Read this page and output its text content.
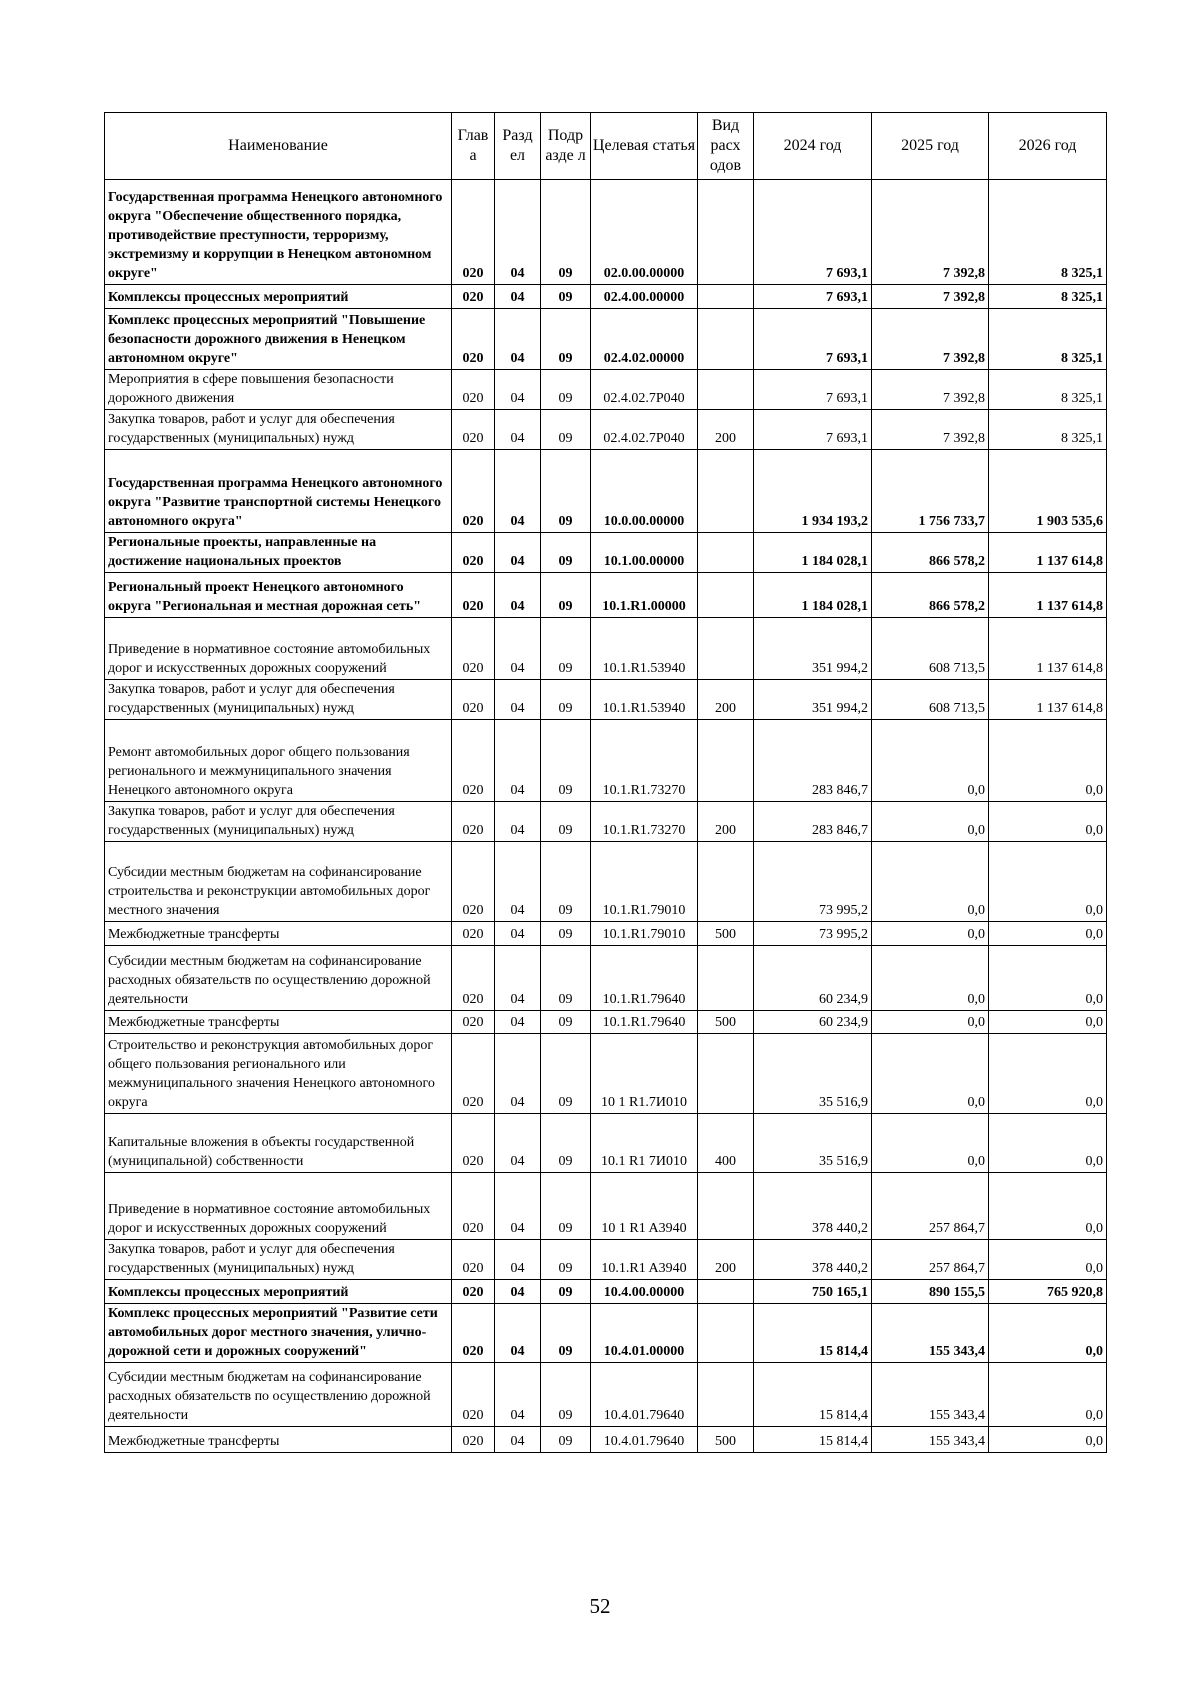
Наименование	Глав а	Разд ел	Подр азде л	Целевая статья	Вид расх одов	2024 год	2025 год	2026 год
Государственная программа Ненецкого автономного округа "Обеспечение общественного порядка, противодействие преступности, терроризму, экстремизму и коррупции в Ненецком автономном округе"	020	04	09	02.0.00.00000		7 693,1	7 392,8	8 325,1
Комплексы процессных мероприятий	020	04	09	02.4.00.00000		7 693,1	7 392,8	8 325,1
Комплекс процессных мероприятий "Повышение безопасности дорожного движения в Ненецком автономном округе"	020	04	09	02.4.02.00000		7 693,1	7 392,8	8 325,1
Мероприятия в сфере повышения безопасности дорожного движения	020	04	09	02.4.02.7Р040		7 693,1	7 392,8	8 325,1
Закупка товаров, работ и услуг для обеспечения государственных (муниципальных) нужд	020	04	09	02.4.02.7Р040	200	7 693,1	7 392,8	8 325,1
Государственная программа Ненецкого автономного округа "Развитие транспортной системы Ненецкого автономного округа"	020	04	09	10.0.00.00000		1 934 193,2	1 756 733,7	1 903 535,6
Региональные проекты, направленные на достижение национальных проектов	020	04	09	10.1.00.00000		1 184 028,1	866 578,2	1 137 614,8
Региональный проект Ненецкого автономного округа "Региональная и местная дорожная сеть"	020	04	09	10.1.R1.00000		1 184 028,1	866 578,2	1 137 614,8
Приведение в нормативное состояние автомобильных дорог и искусственных дорожных сооружений	020	04	09	10.1.R1.53940		351 994,2	608 713,5	1 137 614,8
Закупка товаров, работ и услуг для обеспечения государственных (муниципальных) нужд	020	04	09	10.1.R1.53940	200	351 994,2	608 713,5	1 137 614,8
Ремонт автомобильных дорог общего пользования регионального и межмуниципального значения Ненецкого автономного округа	020	04	09	10.1.R1.73270		283 846,7	0,0	0,0
Закупка товаров, работ и услуг для обеспечения государственных (муниципальных) нужд	020	04	09	10.1.R1.73270	200	283 846,7	0,0	0,0
Субсидии местным бюджетам на софинансирование строительства и реконструкции автомобильных дорог местного значения	020	04	09	10.1.R1.79010		73 995,2	0,0	0,0
Межбюджетные трансферты	020	04	09	10.1.R1.79010	500	73 995,2	0,0	0,0
Субсидии местным бюджетам на софинансирование расходных обязательств по осуществлению дорожной деятельности	020	04	09	10.1.R1.79640		60 234,9	0,0	0,0
Межбюджетные трансферты	020	04	09	10.1.R1.79640	500	60 234,9	0,0	0,0
Строительство и реконструкция автомобильных дорог общего пользования регионального или межмуниципального значения Ненецкого автономного округа	020	04	09	10 1 R1.7И010		35 516,9	0,0	0,0
Капитальные вложения в объекты государственной (муниципальной) собственности	020	04	09	10.1 R1 7И010	400	35 516,9	0,0	0,0
Приведение в нормативное состояние автомобильных дорог и искусственных дорожных сооружений	020	04	09	10 1 R1 A3940		378 440,2	257 864,7	0,0
Закупка товаров, работ и услуг для обеспечения государственных (муниципальных) нужд	020	04	09	10.1.R1 A3940	200	378 440,2	257 864,7	0,0
Комплексы процессных мероприятий	020	04	09	10.4.00.00000		750 165,1	890 155,5	765 920,8
Комплекс процессных мероприятий "Развитие сети автомобильных дорог местного значения, улично-дорожной сети и дорожных сооружений"	020	04	09	10.4.01.00000		15 814,4	155 343,4	0,0
Субсидии местным бюджетам на софинансирование расходных обязательств по осуществлению дорожной деятельности	020	04	09	10.4.01.79640		15 814,4	155 343,4	0,0
Межбюджетные трансферты	020	04	09	10.4.01.79640	500	15 814,4	155 343,4	0,0
52
